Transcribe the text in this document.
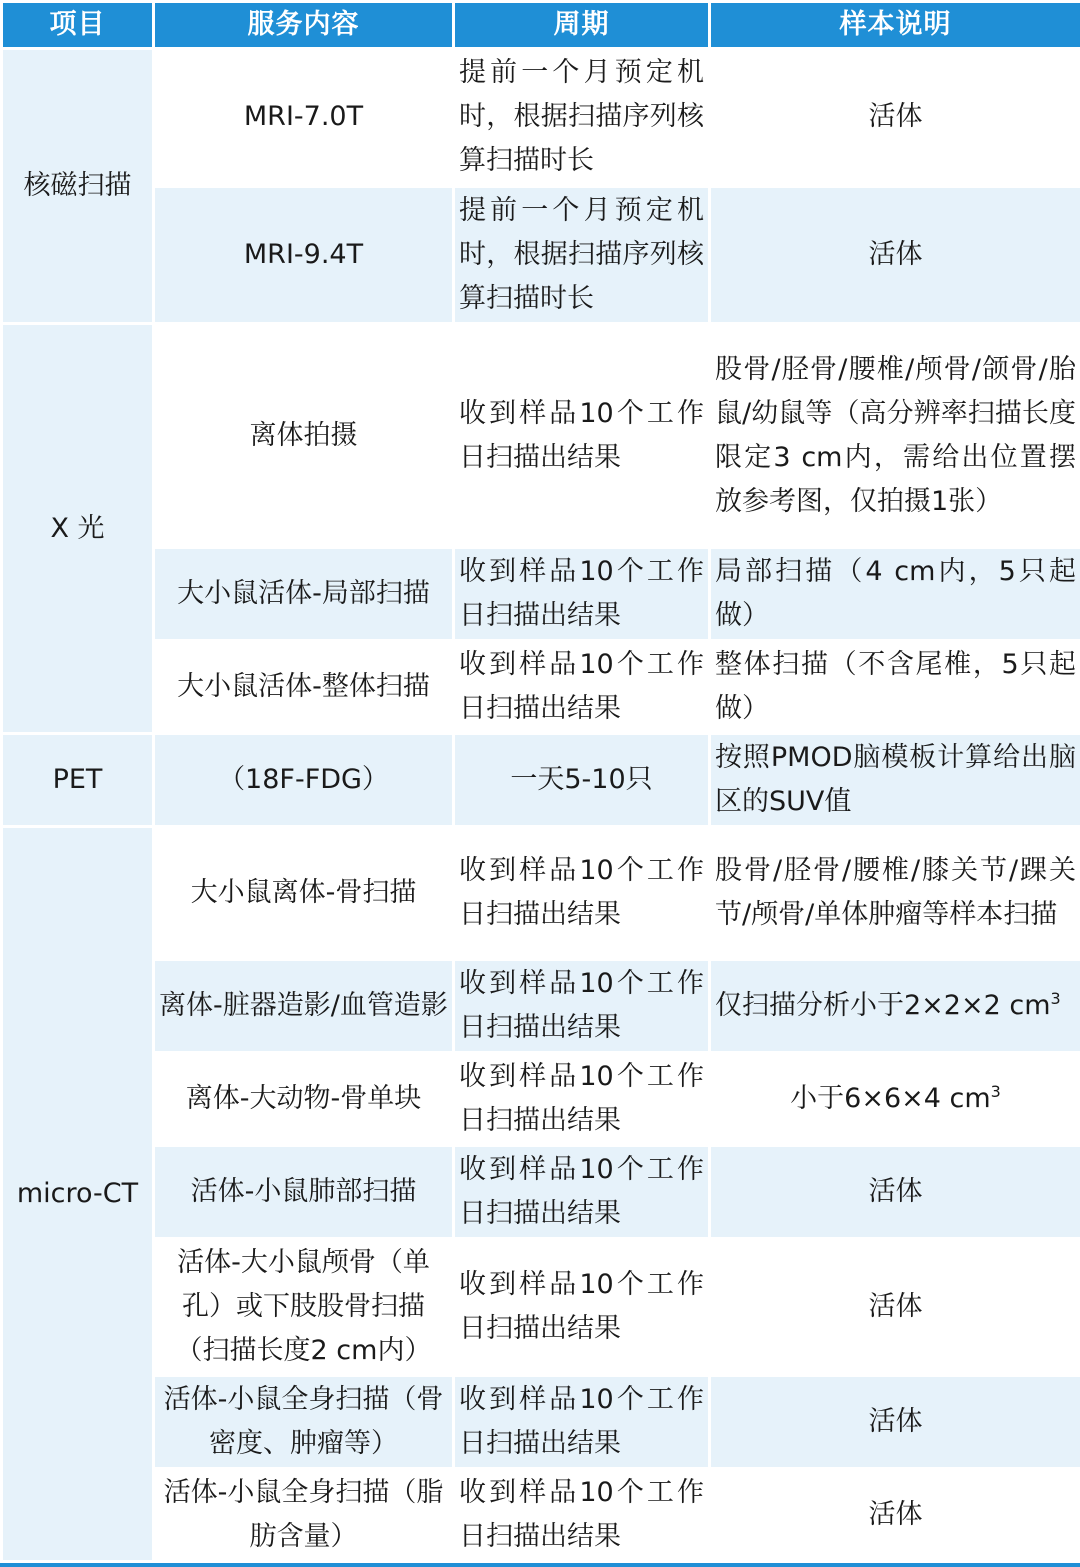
项目	服务内容	周期	样本说明
核磁扫描	MRI-7.0T	提前一个月预定机时，根据扫描序列核算扫描时长	活体
	MRI-9.4T	提前一个月预定机时，根据扫描序列核算扫描时长	活体
X 光	离体拍摄	收到样品10个工作日扫描出结果	股骨/胫骨/腰椎/颅骨/颌骨/胎鼠/幼鼠等（高分辨率扫描长度限定3 cm内，需给出位置摆放参考图，仅拍摄1张）
	大小鼠活体-局部扫描	收到样品10个工作日扫描出结果	局部扫描（4 cm内，5只起做）
	大小鼠活体-整体扫描	收到样品10个工作日扫描出结果	整体扫描（不含尾椎，5只起做）
PET	（18F-FDG）	一天5-10只	按照PMOD脑模板计算给出脑区的SUV值
micro-CT	大小鼠离体-骨扫描	收到样品10个工作日扫描出结果	股骨/胫骨/腰椎/膝关节/踝关节/颅骨/单体肿瘤等样本扫描
	离体-脏器造影/血管造影	收到样品10个工作日扫描出结果	仅扫描分析小于2×2×2 $cm^3$
	离体-大动物-骨单块	收到样品10个工作日扫描出结果	小于6×6×4 $cm^3$
	活体-小鼠肺部扫描	收到样品10个工作日扫描出结果	活体
	活体-大小鼠颅骨（单孔）或下肢股骨扫描（扫描长度2 cm内）	收到样品10个工作日扫描出结果	活体
	活体-小鼠全身扫描（骨密度、肿瘤等）	收到样品10个工作日扫描出结果	活体
	活体-小鼠全身扫描（脂肪含量）	收到样品10个工作日扫描出结果	活体
